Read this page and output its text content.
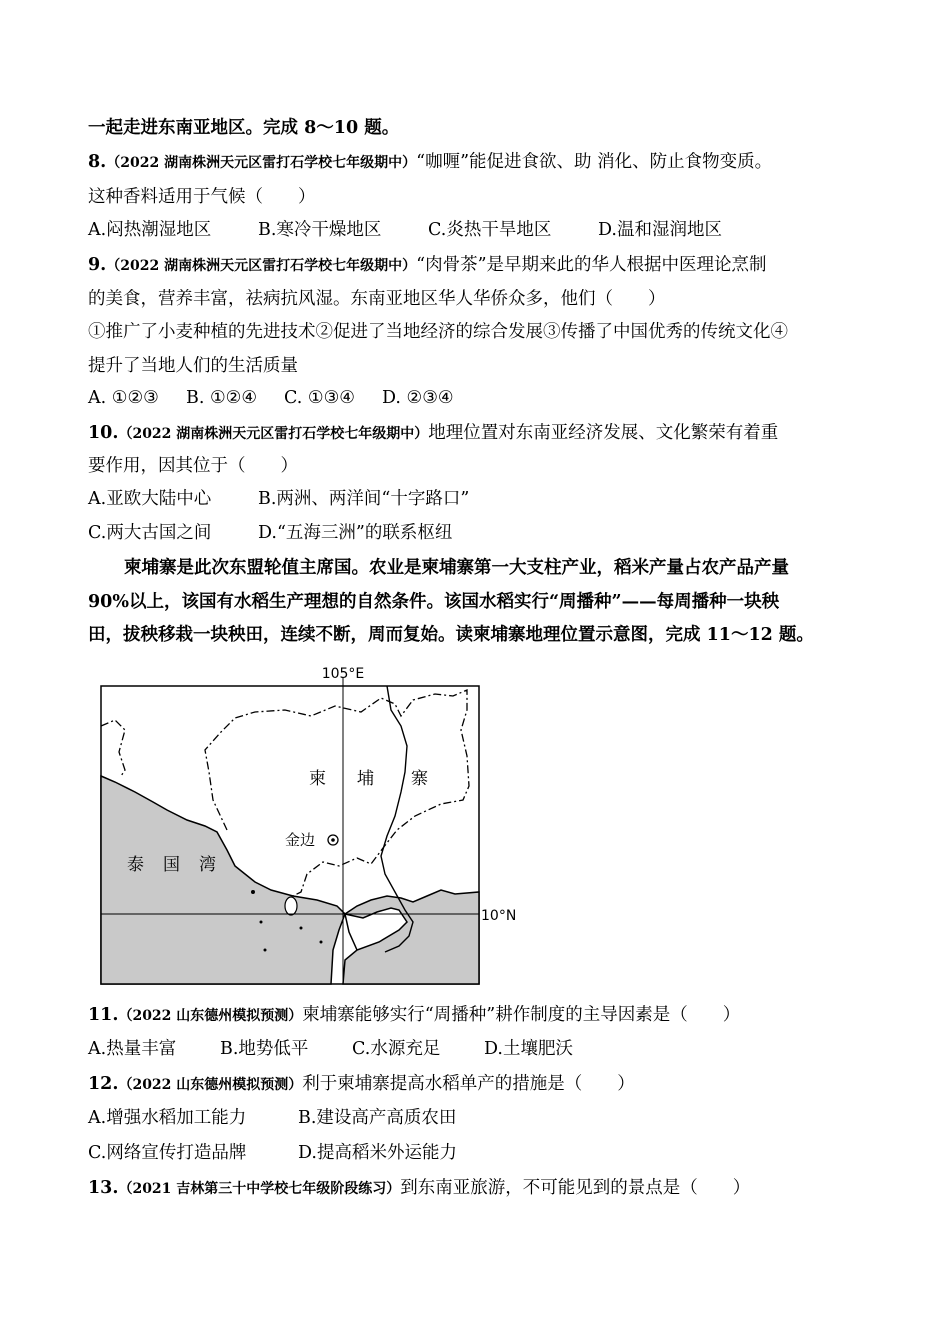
一起走进东南亚地区。完成 8～10 题。
8.（2022 湖南株洲天元区雷打石学校七年级期中）“咖喱”能促进食欲、助 消化、防止食物变质。
这种香料适用于气候（　　）
A.闷热潮湿地区	B.寒冷干燥地区	C.炎热干旱地区	D.温和湿润地区
9.（2022 湖南株洲天元区雷打石学校七年级期中）“肉骨茶”是早期来此的华人根据中医理论烹制
的美食，营养丰富，祛病抗风湿。东南亚地区华人华侨众多，他们（　　）
①推广了小麦种植的先进技术②促进了当地经济的综合发展③传播了中国优秀的传统文化④
提升了当地人们的生活质量
A. ①②③ B. ①②④ C. ①③④ D. ②③④
10.（2022 湖南株洲天元区雷打石学校七年级期中）地理位置对东南亚经济发展、文化繁荣有着重
要作用，因其位于（　　）
A.亚欧大陆中心	B.两洲、两洋间“十字路口”
C.两大古国之间	D.“五海三洲”的联系枢纽
柬埔寨是此次东盟轮值主席国。农业是柬埔寨第一大支柱产业，稻米产量占农产品产量
90%以上，该国有水稻生产理想的自然条件。该国水稻实行“周播种”——每周播种一块秧
田，拔秧移栽一块秧田，连续不断，周而复始。读柬埔寨地理位置示意图，完成 11～12 题。
105°E
10°N
柬 埔 寨
金边
泰 国 湾
11.（2022 山东德州模拟预测）柬埔寨能够实行“周播种”耕作制度的主导因素是（　　）
A.热量丰富	B.地势低平 C.水源充足 D.土壤肥沃
12.（2022 山东德州模拟预测）利于柬埔寨提高水稻单产的措施是（　　）
A.增强水稻加工能力	B.建设高产高质农田
C.网络宣传打造品牌	D.提高稻米外运能力
13.（2021 吉林第三十中学校七年级阶段练习）到东南亚旅游，不可能见到的景点是（　　）
